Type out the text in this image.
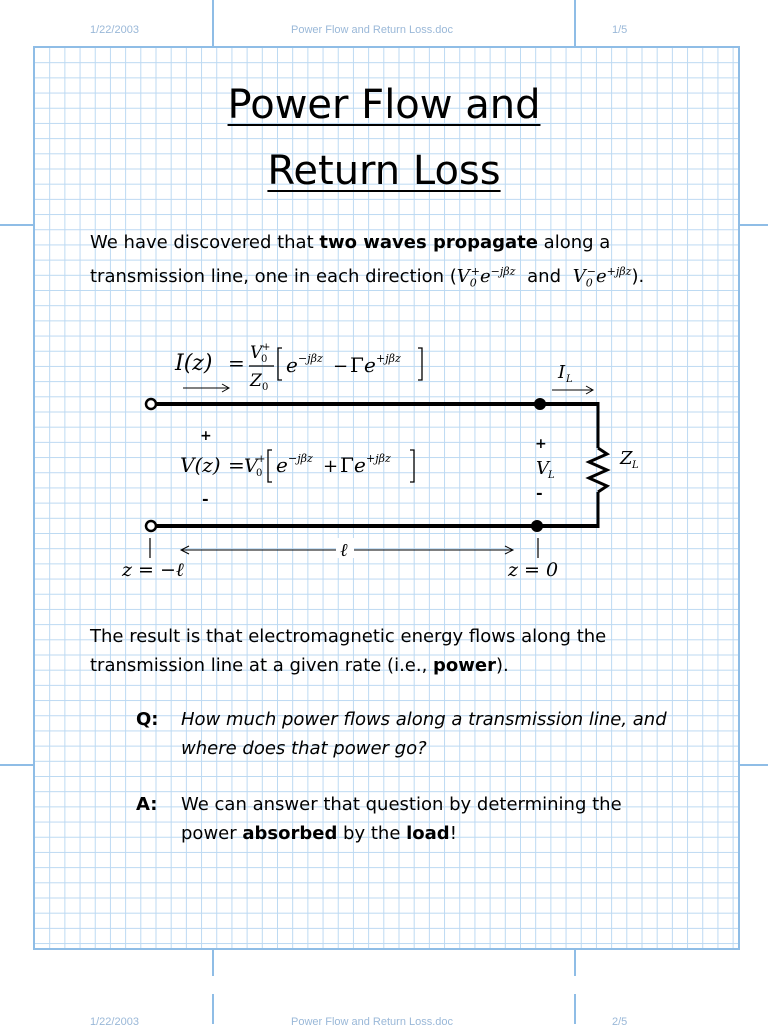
1/22/2003	Power Flow and Return Loss.doc	1/5
Power Flow and
Return Loss
We have discovered that two waves propagate along a
transmission line, one in each direction ($V_0^+e^{-j\beta z}$ and $V_0^-e^{+j\beta z}$).
I(z) = V
0
+
Z 0
e −jβz − Γ e +jβz
I L
Z L
+
V(z) = V
0
+ e −jβz + Γ e +jβz
-
+
V L
-
ℓ
z = −ℓ	z = 0
The result is that electromagnetic energy flows along the
transmission line at a given rate (i.e., power).
Q: How much power flows along a transmission line, and
where does that power go?
A: We can answer that question by determining the
power absorbed by the load!
1/22/2003	Power Flow and Return Loss.doc	2/5
